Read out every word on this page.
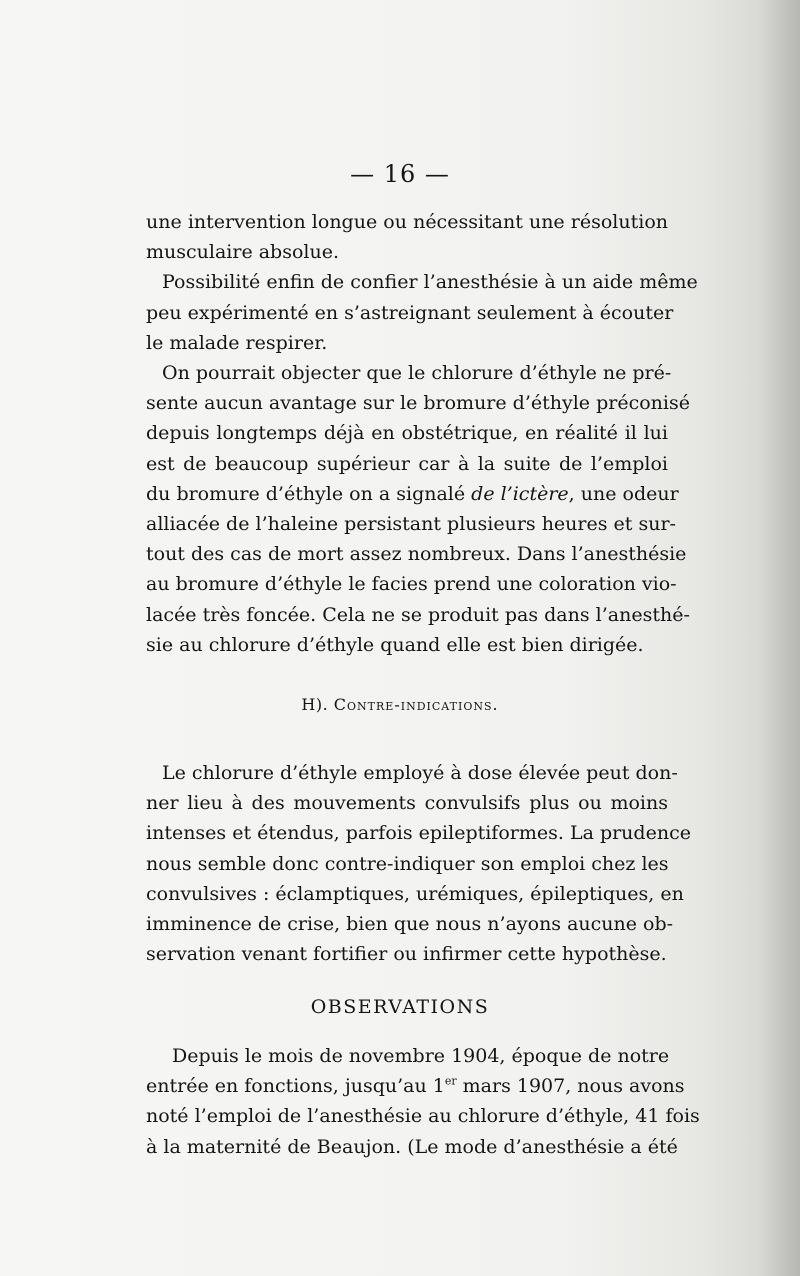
— 16 —
une intervention longue ou nécessitant une résolution
musculaire absolue.
Possibilité enfin de confier l’anesthésie à un aide même
peu expérimenté en s’astreignant seulement à écouter
le malade respirer.
On pourrait objecter que le chlorure d’éthyle ne pré-
sente aucun avantage sur le bromure d’éthyle préconisé
depuis longtemps déjà en obstétrique, en réalité il lui
est de beaucoup supérieur car à la suite de l’emploi
du bromure d’éthyle on a signalé de l’ictère, une odeur
alliacée de l’haleine persistant plusieurs heures et sur-
tout des cas de mort assez nombreux. Dans l’anesthésie
au bromure d’éthyle le facies prend une coloration vio-
lacée très foncée. Cela ne se produit pas dans l’anesthé-
sie au chlorure d’éthyle quand elle est bien dirigée.
H). Contre-indications.
Le chlorure d’éthyle employé à dose élevée peut don-
ner lieu à des mouvements convulsifs plus ou moins
intenses et étendus, parfois epileptiformes. La prudence
nous semble donc contre-indiquer son emploi chez les
convulsives : éclamptiques, urémiques, épileptiques, en
imminence de crise, bien que nous n’ayons aucune ob-
servation venant fortifier ou infirmer cette hypothèse.
OBSERVATIONS
Depuis le mois de novembre 1904, époque de notre
entrée en fonctions, jusqu’au 1er mars 1907, nous avons
noté l’emploi de l’anesthésie au chlorure d’éthyle, 41 fois
à la maternité de Beaujon. (Le mode d’anesthésie a été
